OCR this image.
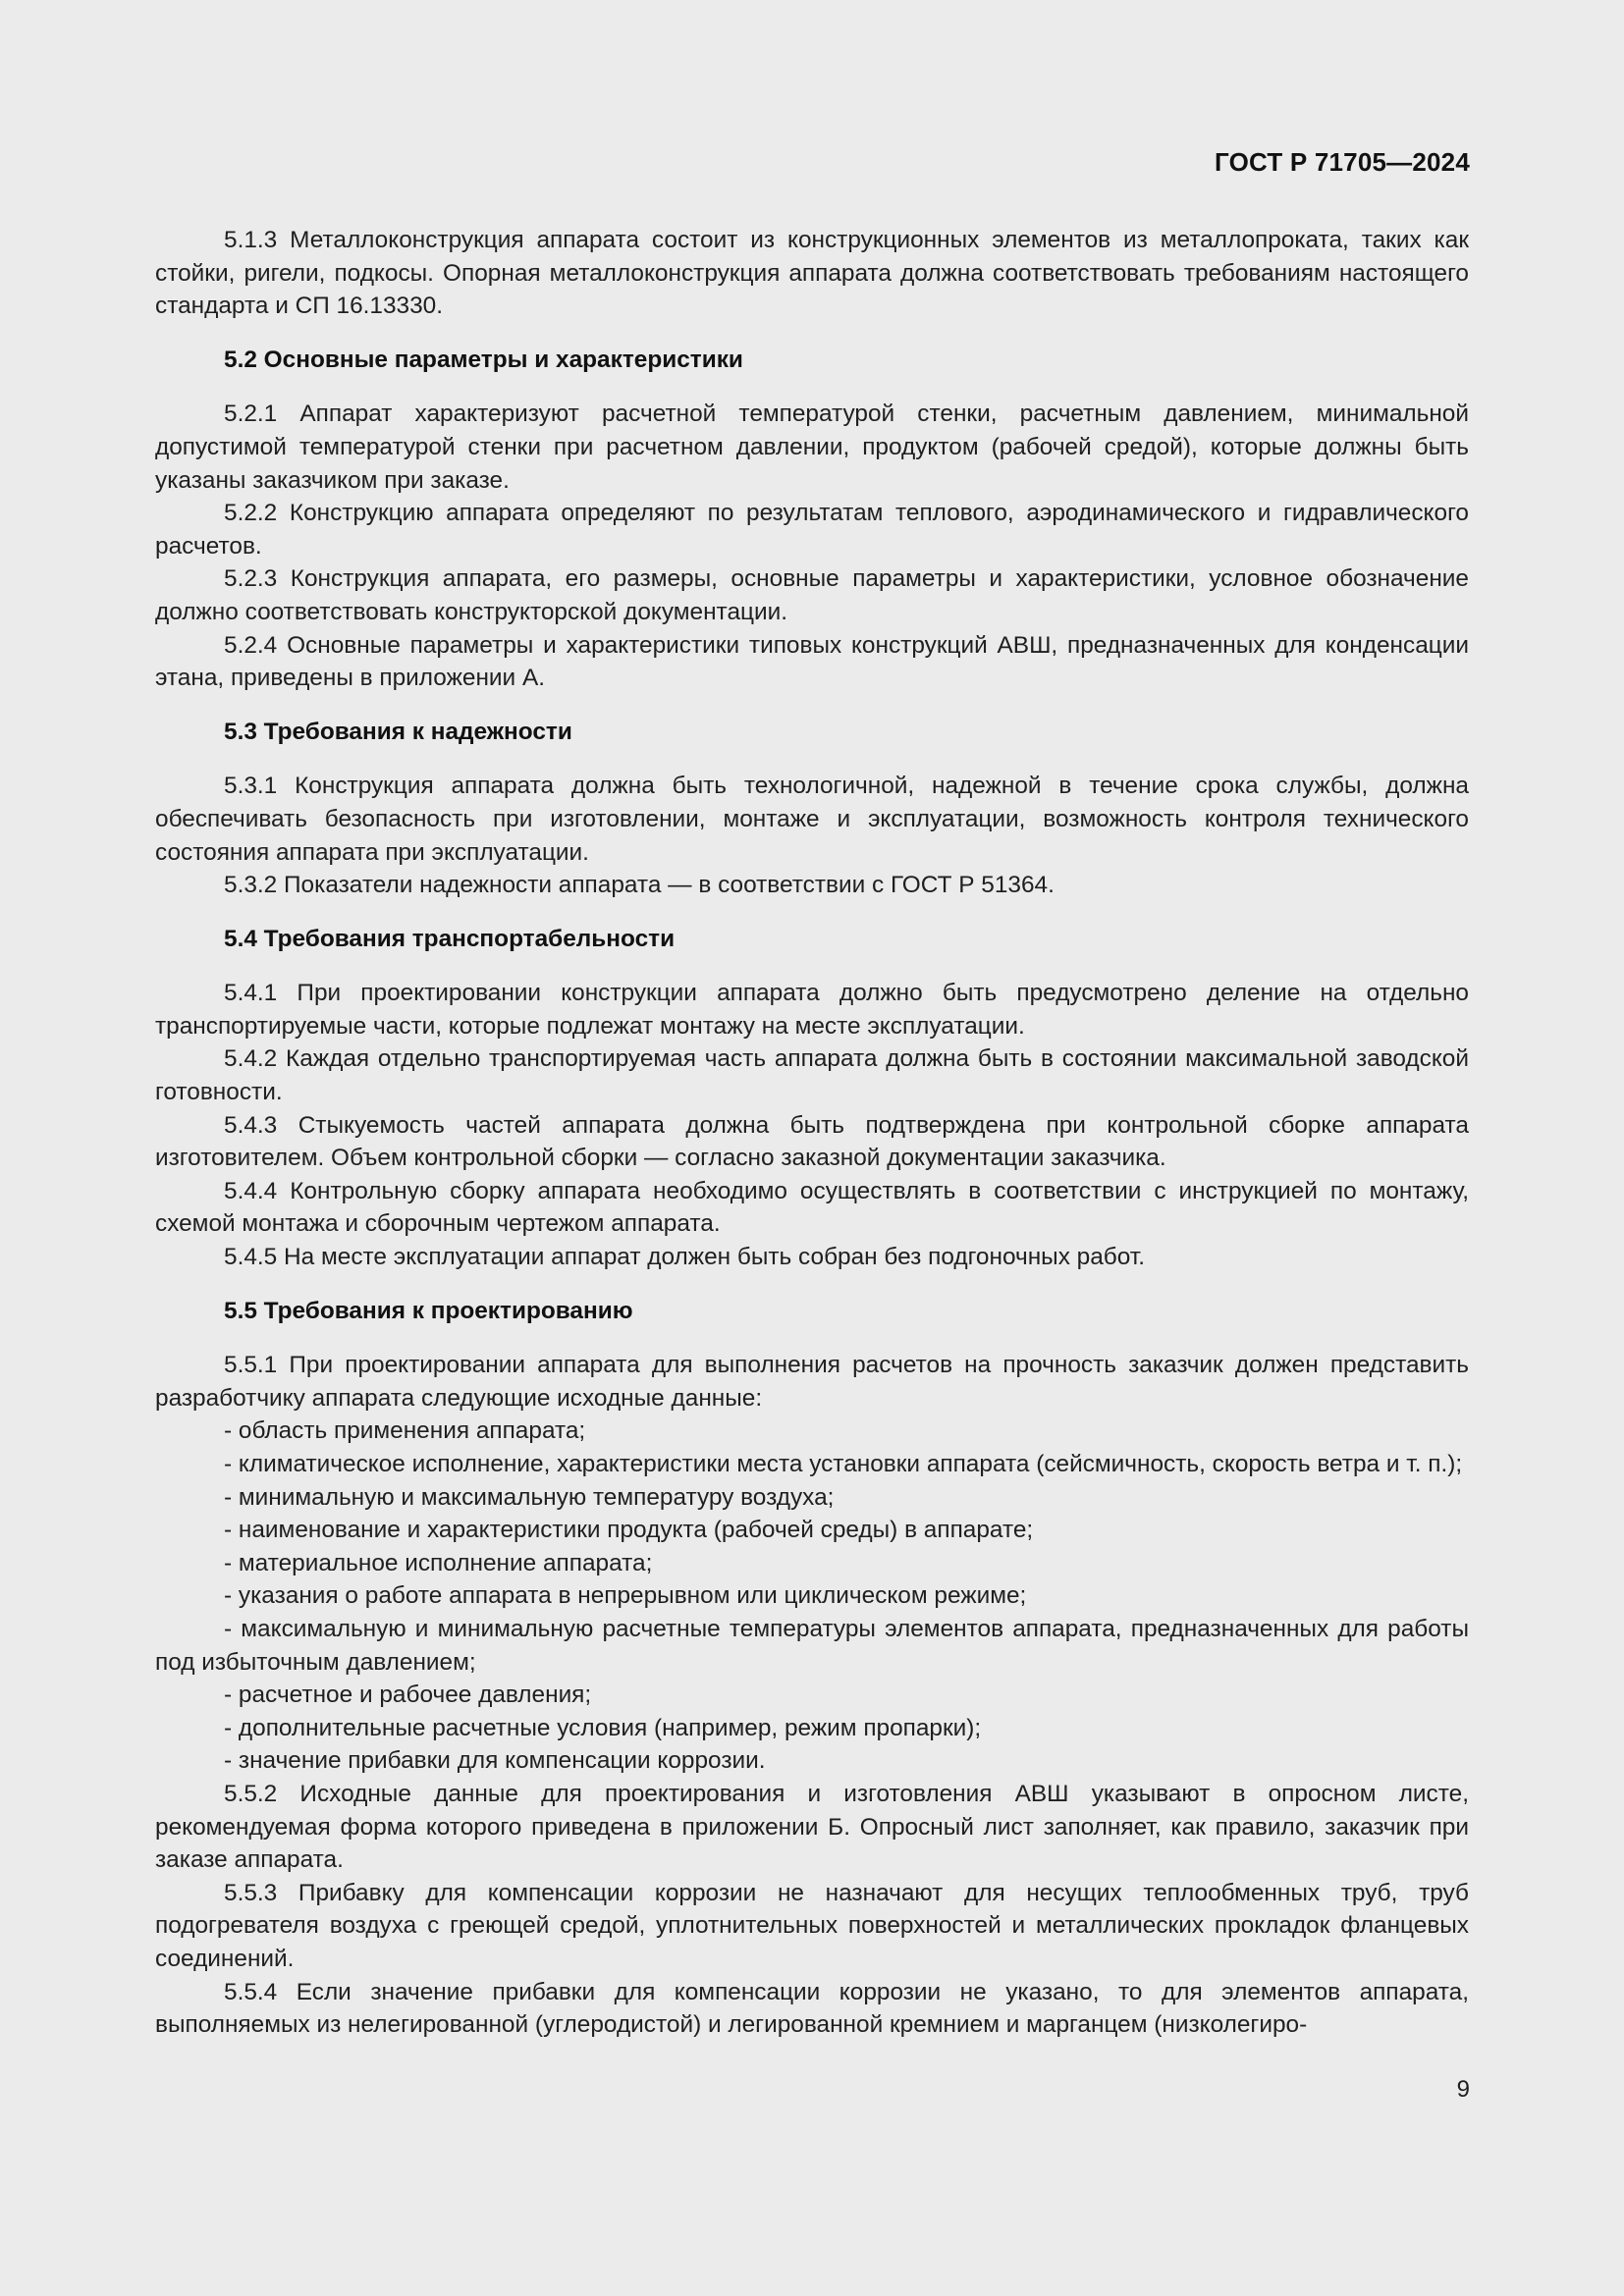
ГОСТ Р 71705—2024

5.1.3 Металлоконструкция аппарата состоит из конструкционных элементов из металлопроката, таких как стойки, ригели, подкосы. Опорная металлоконструкция аппарата должна соответствовать требованиям настоящего стандарта и СП 16.13330.

5.2 Основные параметры и характеристики

5.2.1 Аппарат характеризуют расчетной температурой стенки, расчетным давлением, минимальной допустимой температурой стенки при расчетном давлении, продуктом (рабочей средой), которые должны быть указаны заказчиком при заказе.

5.2.2 Конструкцию аппарата определяют по результатам теплового, аэродинамического и гидравлического расчетов.

5.2.3 Конструкция аппарата, его размеры, основные параметры и характеристики, условное обозначение должно соответствовать конструкторской документации.

5.2.4 Основные параметры и характеристики типовых конструкций АВШ, предназначенных для конденсации этана, приведены в приложении А.

5.3 Требования к надежности

5.3.1 Конструкция аппарата должна быть технологичной, надежной в течение срока службы, должна обеспечивать безопасность при изготовлении, монтаже и эксплуатации, возможность контроля технического состояния аппарата при эксплуатации.

5.3.2 Показатели надежности аппарата — в соответствии с ГОСТ Р 51364.

5.4 Требования транспортабельности

5.4.1 При проектировании конструкции аппарата должно быть предусмотрено деление на отдельно транспортируемые части, которые подлежат монтажу на месте эксплуатации.

5.4.2 Каждая отдельно транспортируемая часть аппарата должна быть в состоянии максимальной заводской готовности.

5.4.3 Стыкуемость частей аппарата должна быть подтверждена при контрольной сборке аппарата изготовителем. Объем контрольной сборки — согласно заказной документации заказчика.

5.4.4 Контрольную сборку аппарата необходимо осуществлять в соответствии с инструкцией по монтажу, схемой монтажа и сборочным чертежом аппарата.

5.4.5 На месте эксплуатации аппарат должен быть собран без подгоночных работ.

5.5 Требования к проектированию

5.5.1 При проектировании аппарата для выполнения расчетов на прочность заказчик должен представить разработчику аппарата следующие исходные данные:

- область применения аппарата;

- климатическое исполнение, характеристики места установки аппарата (сейсмичность, скорость ветра и т. п.);

- минимальную и максимальную температуру воздуха;

- наименование и характеристики продукта (рабочей среды) в аппарате;

- материальное исполнение аппарата;

- указания о работе аппарата в непрерывном или циклическом режиме;

- максимальную и минимальную расчетные температуры элементов аппарата, предназначенных для работы под избыточным давлением;

- расчетное и рабочее давления;

- дополнительные расчетные условия (например, режим пропарки);

- значение прибавки для компенсации коррозии.

5.5.2 Исходные данные для проектирования и изготовления АВШ указывают в опросном листе, рекомендуемая форма которого приведена в приложении Б. Опросный лист заполняет, как правило, заказчик при заказе аппарата.

5.5.3 Прибавку для компенсации коррозии не назначают для несущих теплообменных труб, труб подогревателя воздуха с греющей средой, уплотнительных поверхностей и металлических прокладок фланцевых соединений.

5.5.4 Если значение прибавки для компенсации коррозии не указано, то для элементов аппарата, выполняемых из нелегированной (углеродистой) и легированной кремнием и марганцем (низколегиро-

9
